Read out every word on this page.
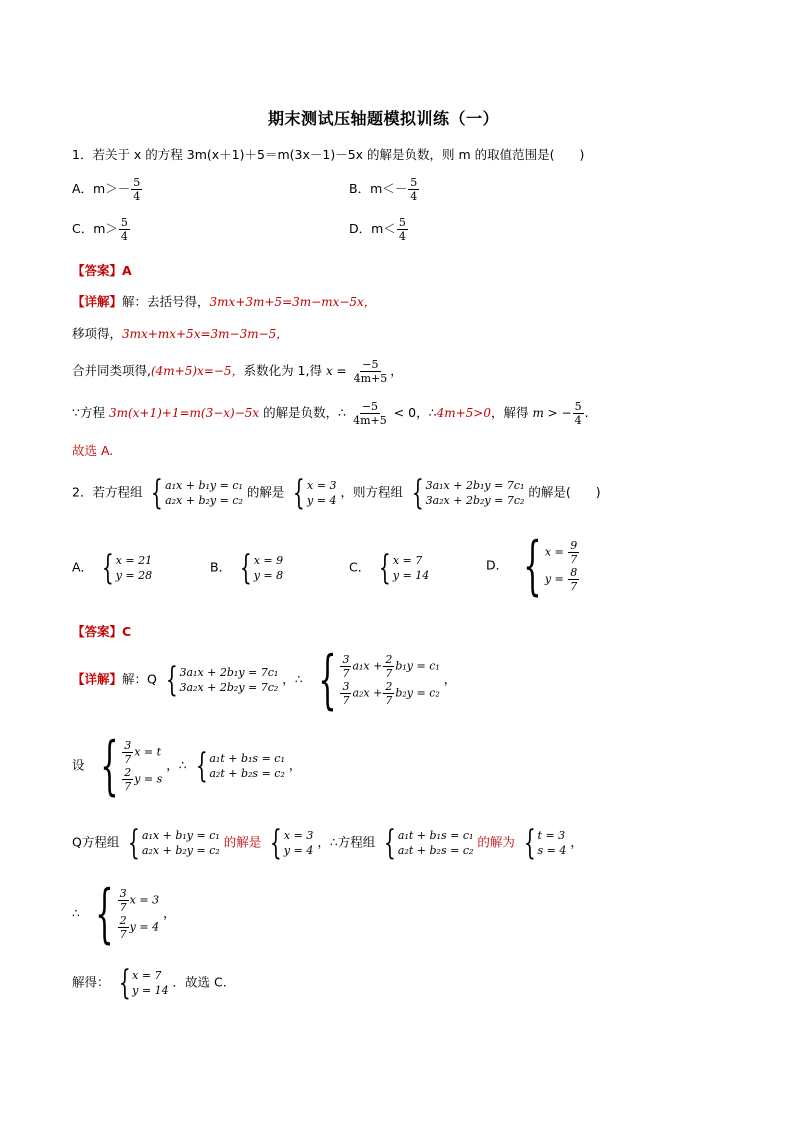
期末测试压轴题模拟训练（一）
1．若关于 x 的方程 3m(x＋1)＋5＝m(3x－1)－5x 的解是负数，则 m 的取值范围是(　　)
A．$m>- \frac{5}{4}$	B．$m<- \frac{5}{4}$
C．$m> \frac{5}{4}$	D．$m< \frac{5}{4}$
【答案】A
【详解】解：去括号得，3mx+3m+5=3m−mx−5x，
移项得，3mx+mx+5x=3m−3m−5，
合并同类项得,(4m+5)x=−5，系数化为 1,得 $x = \frac{-5}{4m+5}$ ，
∵方程 3m(x+1)+1=m(3−x)−5x 的解是负数，∴ $\frac{-5}{4m+5} < 0$，∴4m+5>0，解得 m > − $\frac{5}{4}$ .
故选 A.
2．若方程组 { a₁x + b₁y = c₁
a₂x + b₂y = c₂
的解是 { x = 3
y = 4
，则方程组 { 3a₁x + 2b₁y = 7c₁
3a₂x + 2b₂y = 7c₂
的解是(　　)
A． { x = 21
y = 28
B． { x = 9
y = 8
C． { x = 7
y = 14
D． { $x = \frac{9}{7}$
$y = \frac{8}{7}$
【答案】C
【详解】解：Q { 3a₁x + 2b₁y = 7c₁
3a₂x + 2b₂y = 7c₂
，∴ { $\frac{3}{7} a_1x + \frac{2}{7} b_1y = c_1$
$\frac{3}{7} a_2x + \frac{2}{7} b_2y = c_2$
，
设 { $\frac{3}{7}$ x = t
$\frac{2}{7}$ y = s
，∴ { a₁t + b₁s = c₁
a₂t + b₂s = c₂
，
Q方程组 { a₁x + b₁y = c₁
a₂x + b₂y = c₂
的解是 { x = 3
y = 4
，∴方程组 { a₁t + b₁s = c₁
a₂t + b₂s = c₂
的解为 { t = 3
s = 4
，
∴ { $\frac{3}{7}$ x = 3
$\frac{2}{7}$ y = 4
，
解得： { x = 7
y = 14
．故选 C.
